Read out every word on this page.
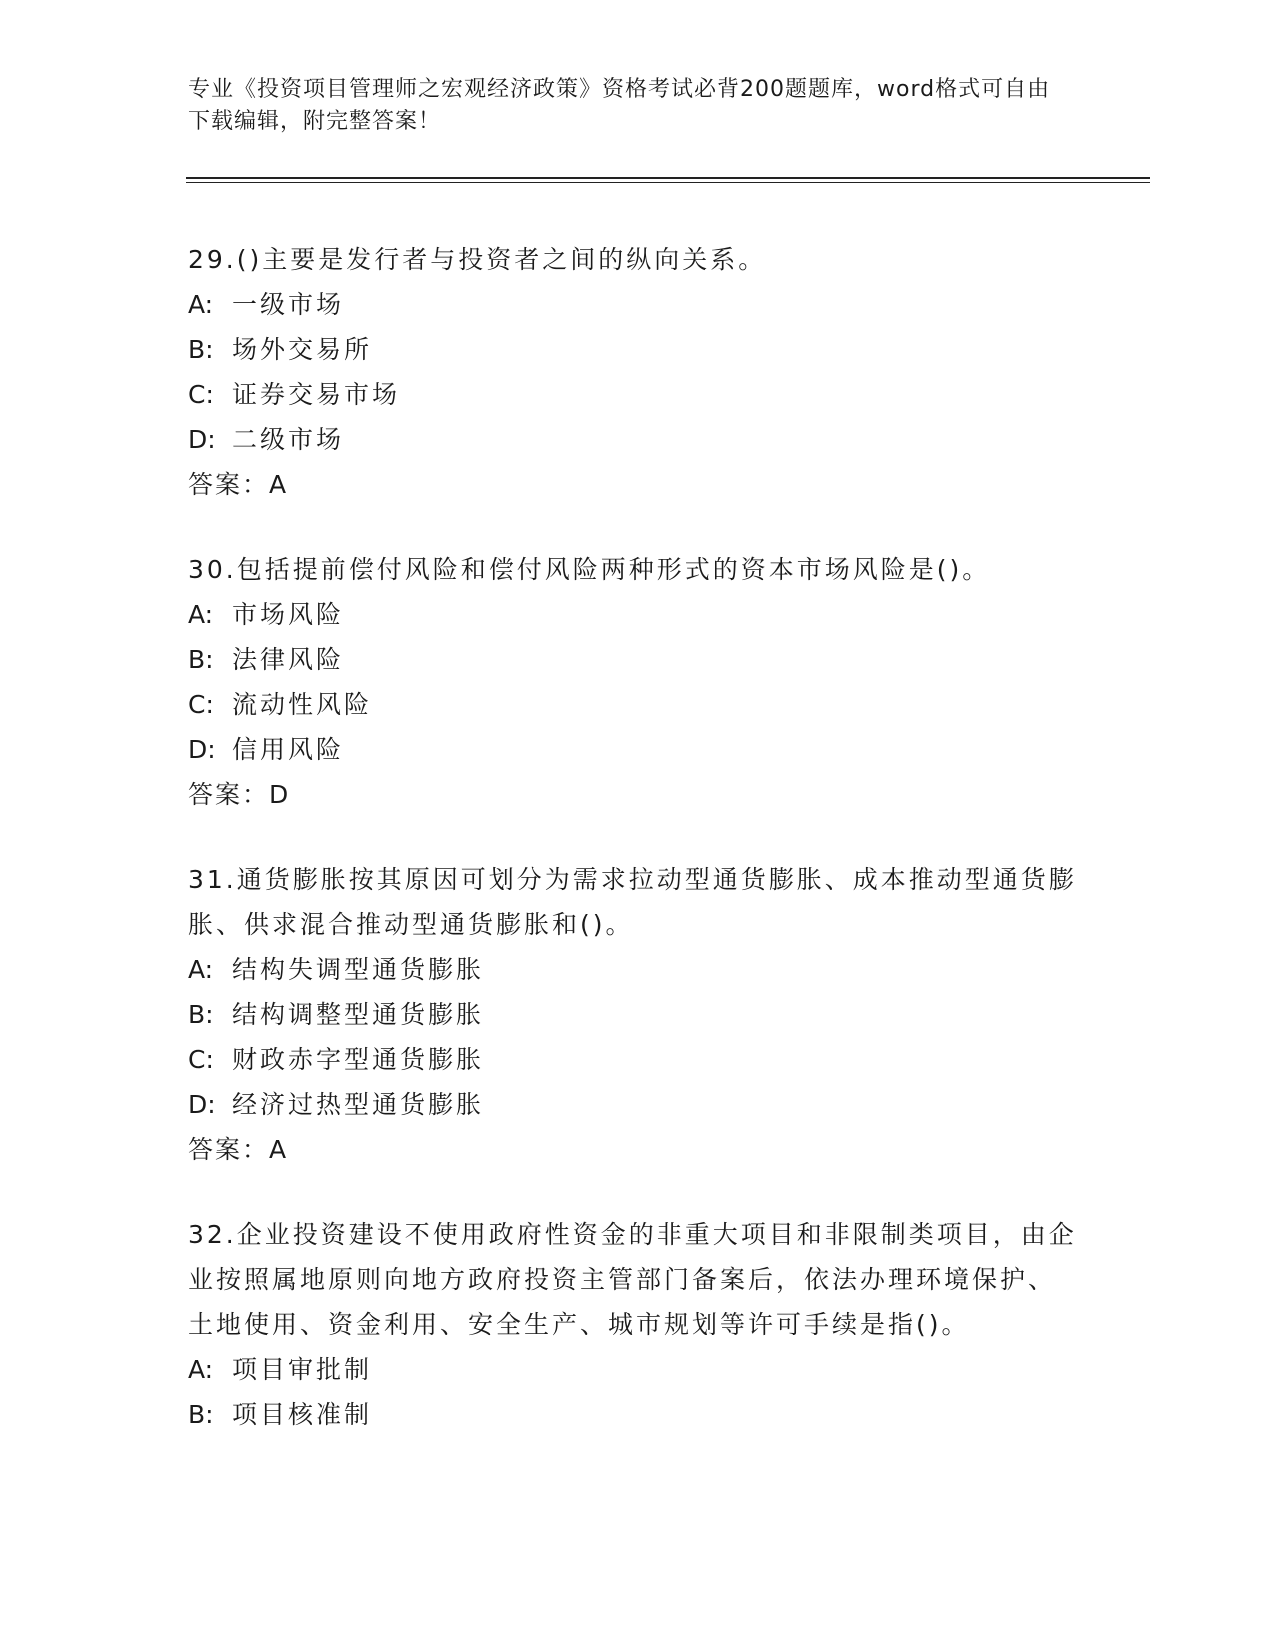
专业《投资项目管理师之宏观经济政策》资格考试必背200题题库，word格式可自由下载编辑，附完整答案！
29.()主要是发行者与投资者之间的纵向关系。
A: 一级市场
B: 场外交易所
C: 证券交易市场
D: 二级市场
答案：A
30.包括提前偿付风险和偿付风险两种形式的资本市场风险是()。
A: 市场风险
B: 法律风险
C: 流动性风险
D: 信用风险
答案：D
31.通货膨胀按其原因可划分为需求拉动型通货膨胀、成本推动型通货膨胀、供求混合推动型通货膨胀和()。
A: 结构失调型通货膨胀
B: 结构调整型通货膨胀
C: 财政赤字型通货膨胀
D: 经济过热型通货膨胀
答案：A
32.企业投资建设不使用政府性资金的非重大项目和非限制类项目，由企业按照属地原则向地方政府投资主管部门备案后，依法办理环境保护、土地使用、资金利用、安全生产、城市规划等许可手续是指()。
A: 项目审批制
B: 项目核准制
